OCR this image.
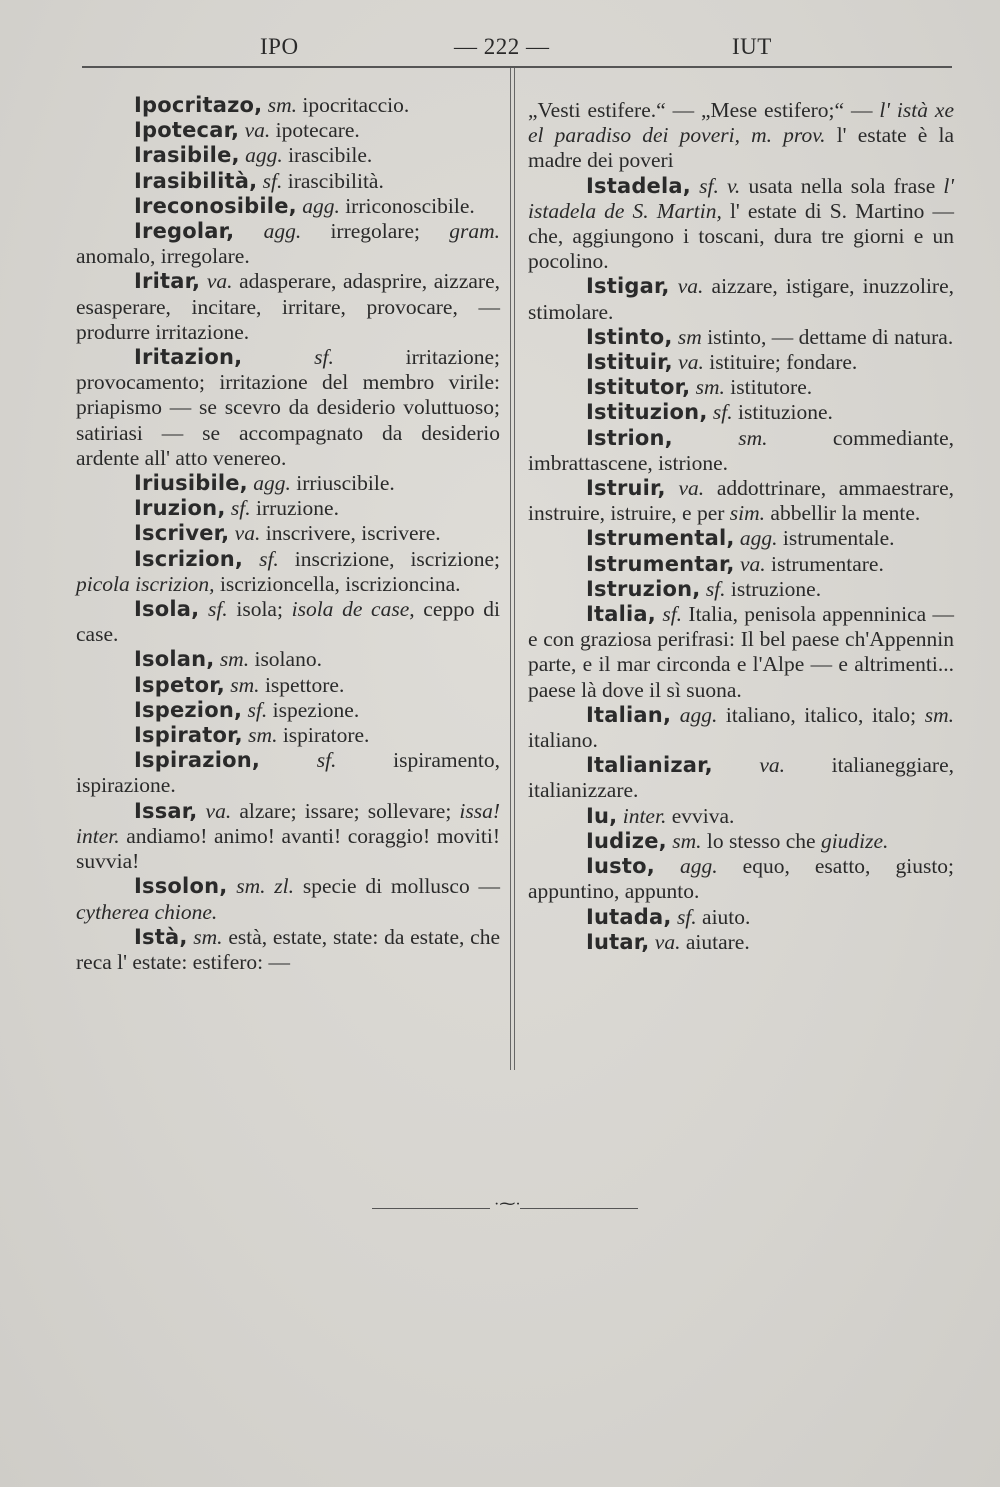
IPO	— 222 —	IUT

Ipocritazo, sm. ipocritaccio.

Ipotecar, va. ipotecare.

Irasibile, agg. irascibile.

Irasibilità, sf. irascibilità.

Ireconosibile, agg. irriconoscibile.

Iregolar, agg. irregolare; gram. anomalo, irregolare.

Iritar, va. adasperare, adasprire, aizzare, esasperare, incitare, irritare, provocare, — produrre irritazione.

Iritazion,	sf.	irritazione; provocamento; irritazione del membro virile: priapismo — se scevro da desiderio voluttuoso; satiriasi — se accompagnato da desiderio ardente all' atto venereo.

Iriusibile, agg. irriuscibile.

Iruzion, sf. irruzione.

Iscriver, va. inscrivere, iscrivere.

Iscrizion, sf. inscrizione, iscrizione; picola iscrizion, iscrizioncella, iscrizioncina.

Isola, sf. isola; isola de case, ceppo di case.

Isolan, sm. isolano.

Ispetor, sm. ispettore.

Ispezion, sf. ispezione.

Ispirator, sm. ispiratore.

Ispirazion,	sf.	ispiramento, ispirazione.

Issar, va. alzare; issare; sollevare; issa! inter. andiamo! animo! avanti! coraggio! moviti! suvvia!

Issolon, sm. zl. specie di mollusco — cytherea chione.

Istà, sm. està, estate, state: da estate, che reca l' estate: estifero: —

„Vesti estifere.“ — „Mese estifero;“ — l' istà xe el paradiso dei poveri, m. prov. l' estate è la madre dei poveri

Istadela, sf. v. usata nella sola frase l' istadela de S. Martin, l' estate di S. Martino — che, aggiungono i toscani, dura tre giorni e un pocolino.

Istigar, va. aizzare, istigare, inuzzolire, stimolare.

Istinto, sm istinto, — dettame di natura.

Istituir, va. istituire; fondare.

Istitutor, sm. istitutore.

Istituzion, sf. istituzione.

Istrion,	sm.	commediante, imbrattascene, istrione.

Istruir, va. addottrinare, ammaestrare, instruire, istruire, e per sim. abbellir la mente.

Istrumental, agg. istrumentale.

Istrumentar, va. istrumentare.

Istruzion, sf. istruzione.

Italia, sf. Italia, penisola appenninica — e con graziosa perifrasi: Il bel paese ch'Appennin parte, e il mar circonda e l'Alpe — e altrimenti... paese là dove il sì suona.

Italian, agg. italiano, italico, italo; sm. italiano.

Italianizar, va. italianeggiare, italianizzare.

Iu, inter. evviva.

Iudize, sm. lo stesso che giudize.

Iusto, agg. equo, esatto, giusto; appuntino, appunto.

Iutada, sf. aiuto.

Iutar, va. aiutare.

·⁓·
